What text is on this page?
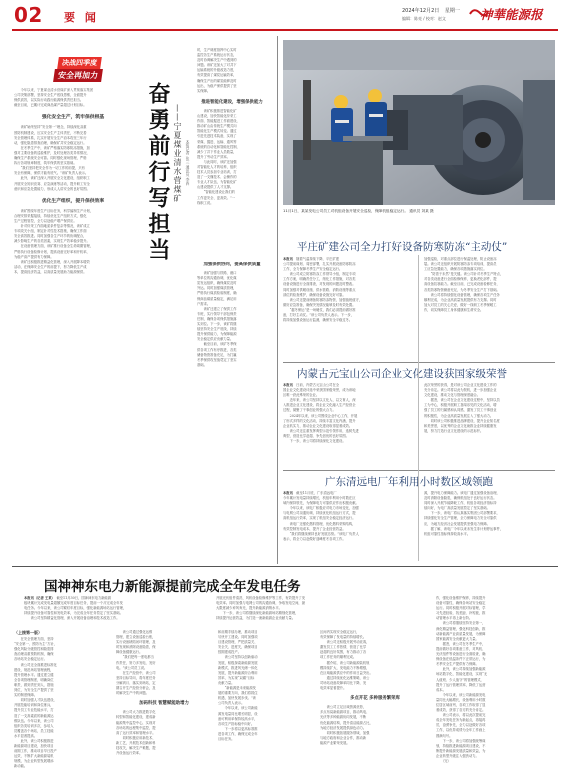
02 要 闻	2024年12月2日 星期一
编辑：陈亮 / 校对：赵文	神華能源报
决战四季度
安全再加力
　　今年以来，宁夏煤业清水营煤矿深入贯彻落实集团
公司决策部署，坚持安全生产底线思维，全面提升
保供质效，以实际行动践行能源保供责任担当。
截至目前，已累计完成商品煤产量超过计划目标。
强化安全生产，筑牢保供根基
　　该矿始终坚持“安全第一”理念，持续深化双重
预防机制建设，压实安全生产主体责任，不断完善
安全管理体系，扎实开展安全生产治本攻坚三年行
动，强化隐患排查治理，确保矿井安全稳定运行。
　　在冬季生产中，该矿严格落实防寒防冻措施，加
强对主要设备的巡检维护，及时处理各类异常情况，
确保生产系统安全可靠。同时强化现场管理，严格
执行各项规章制度，筑牢保供的坚实基础。
　　“我们坚持把安全作为一切工作的前提，只有
安全有保障，保供才能有底气。”该矿负责人表示。
　　此外，该矿还深入开展安全文化建设，组织职工
开展安全知识竞赛、应急演练等活动，提升职工安全
意识和应急处置能力，形成人人讲安全的良好氛围。
优化生产组织，提升保供效率
　　该矿围绕年度生产目标任务，科学编制生产计划，
合理安排采掘接续，持续优化生产组织方式，强化
生产过程管控，全力以赴稳产增产保供应。
　　针对综采工作面地质条件复杂等情况，该矿成立
专项攻关小组，制定针对性技术措施，确保工作面
安全高效推进。同时加强各生产环节的协调配合，
减少影响生产的各类因素，实现生产效率稳步提升。
　　在设备管理方面，该矿推行设备全生命周期管理，
严格执行设备检修计划，提高设备完好率和开机率，
为稳产高产提供有力保障。
　　该矿还积极推进精益化管理，深入开展降本增效
活动，在保障安全生产的前提下，努力降低生产成
本，提高经济效益，以高质量发展助力能源保供。
奋勇前行写担当 ——宁夏煤业清水营煤矿 本报记者 张三 通讯员 李四
时，生产调度指挥中心实时
监控各生产系统运行状态，
及时协调解决生产中遇到的
问题。该矿还加大了对井下
运输系统的升级改造力度，
有效提高了煤炭运输效率，
确保生产出的煤炭能够及时
运出，为稳产保供提供了坚
实保障。
推进智能化建设，增强保供能力
　　该矿积极推进智能化矿
山建设，加快智能化综采工
作面、智能掘进工作面建设，
推动矿山由传统生产模式向
智能化生产模式转变。通过
引进先进技术装备，实现了
采煤、掘进、运输、通风等
系统的自动化和智能化控制，
减少了井下作业人员数量，
提升了劳动生产效率。
　　与此同时，该矿还加强
对智能化人才的培养，组织
技术人员参加专业培训，打
造了一支懂技术、会操作的
专业人才队伍，为智能化矿
山建设提供了人才支撑。
　　“智能化建设让我们的
工作更安全、更高效。”一
线职工说。
加强保供协同，提高保供质量
　　该矿加强与铁路、港口
等单位的沟通协调，优化煤
炭发运组织，确保煤炭及时
外运。同时加强煤质管理，
严格执行煤质检验制度，确
保商品煤质量稳定，满足用
户需求。
　　该矿还建立了保供工作
专班，实行领导干部包保责
任制，确保各项保供措施落
实到位。下一步，该矿将继
续坚持安全生产底线，持续
提升保供能力，为保障能源
安全稳定供应贡献力量。
　　截至目前，该矿冬季保
供各项工作有序推进，各类
储备物资准备充足，为打赢
冬季保供攻坚战奠定了坚实
基础。
11月1日，某某发电公司员工对机组设备开展安全巡检，保障机组稳定运行。 通讯员 刘某 摄
平庄矿建公司全力打好设备防寒防冻“主动仗”
本报讯　随着气温持续下降，平庄矿建
公司提前谋划、周密部署，扎实开展设备防寒防冻
工作，全力保障冬季生产安全稳定运行。
　　该公司成立防寒防冻工作领导小组，制定专项
工作方案，明确责任分工，细化工作措施，对各类
设备设施进行全面排查，对发现的问题及时整改。
同时加强对供暖设施、供水管路、消防设施等重点
部位的检查维护，确保设备设施完好可靠。
　　该公司还提前储备防寒防冻物资，加强值班值守，
做好应急准备，确保突发情况能够及时有效处置。
　　“越冬保运”是一场硬仗，我们必须提前做好准
备，打好主动仗。”该公司负责人表示。下一步，
将持续加强设备运行监测，确保安全平稳过冬。
加强巡检，对重点部位进行保温处理，防止设备冻
裂。该公司还组织开展防寒防冻专项培训，提高员
工应急处置能力，确保各项措施落实到位。
　　“防患于未然”是关键。该公司针对冬季生产特点，
对各类设备进行全面检修保养，更换老化部件，提
高设备抗寒能力。截至目前，已完成设备检修任务，
各类防寒物资储备充足，为冬季安全生产打下基础。
　　该公司将持续强化设备管理，确保各项生产任务
顺利完成，为企业高质量发展提供有力支撑。同时
加大对员工的关心关爱，做好一线职工冬季保暖工
作，切实保障员工身体健康和生命安全。
内蒙古元宝山公司企业文化建设获国家级荣誉
本报讯　日前，内蒙古元宝山公司在全
国企业文化建设评选中荣获国家级荣誉，成为该地
区唯一获此殊荣的企业。
　　近年来，该公司坚持以文化人、以文育人，深
入推进企业文化建设，将企业文化融入生产经营全
过程，凝聚了干事创业的强大合力。
　　2024年以来，该公司围绕企业中心工作，开展
了形式多样的文化活动，持续丰富文化内涵，提升
企业软实力，推动企业文化建设取得显著成效。
　　该公司还注重发挥典型示范引领作用，选树先进
典型，营造比学赶超、争先创优的良好氛围。
　　下一步，该公司将持续深化文化建设。
此次荣誉的获得，是对该公司企业文化建设工作的
充分肯定。该公司将以此为契机，进一步加强企业
文化建设，推动文化与管理深度融合。
　　据悉，该公司在企业文化建设过程中，坚持以员
工为中心，积极开展职工喜闻乐见的文化活动，增
强了员工的归属感和认同感，激发了员工干事创业
的积极性，为企业高质量发展注入了强大动力。
　　同时该公司积极推进品牌建设，提升企业知名度
和美誉度，以优秀的企业文化助推企业持续健康发
展，努力打造行业文化建设的示范标杆。
广东清远电厂年利用小时数区域领跑
本报讯　截至11月底，广东清远电厂
今年累计发电量持续增长，机组年利用小时数在区
域内保持领先，为保障电力可靠供应作出积极贡献。
　　今年以来，该电厂积极应对电力市场变化，加强
与电网公司沟通协调，持续优化机组运行方式，提
高机组运行效率，实现了机组安全稳定经济运行。
　　该电厂还强化燃料管理，优化燃料采购结构，
有效控制发电成本，提升了企业经营效益。
　　“我们将继续保持良好发展态势。”该电厂负责人
表示，将全力以赴做好迎峰度冬各项工作。
源，提升电力保障能力。该电厂通过加强设备治理，
及时消除设备隐患，确保机组处于良好运行状态。
同时深入开展节能降耗工作，机组各项经济指标持
续向好，为电厂高质量发展奠定了坚实基础。
　　下一步，该电厂将认真落实集团公司部署要求，
持续强化安全生产管理，全力保障电力安全可靠供
应，为地方经济社会发展提供坚强电力保障。
　　据了解，该电厂今年以来未发生非计划停运事件，
机组可靠性指标保持较高水平。
国神神东电力新能源提前完成全年发电任务
本报讯（记者 王某）　截至11月30日，国神神东电力新能源
板块累计完成发电量超额完成年度目标任务，提前一个月完成全年发
电任务。今年以来，该公司紧盯年度目标，强化新能源场站运行管理，
持续提升设备可靠性和发电效率，为完成全年任务奠定了坚实基础。
　　该公司坚持精益化管理，深入开展设备治理和技术改造工作。
开展光伏组件清洗、风机设备检修维护等工作，有效提升了发
电效率。同时加强与电网公司的沟通协调，争取发电空间，最
大限度减少弃风弃光，提升新能源消纳水平。
　　下一步，该公司将继续深化新能源场站精细化管理，
持续提升运营效益，为打造一流新能源企业贡献力量。
（上接第一版）
　　在安全管理方面，坚持
“安全第一、预防为主”方针，
强化风险分级管控和隐患排
查治理双重预防机制，确保
各场站安全稳定运行。
　　该公司还全面推进标准化
建设，规范场站管理流程，
提升管理水平。通过建立健
全各项管理制度，明确岗位
职责，做到责任到人、措施
到位，为安全生产提供了坚
实的制度保障。
　　同时加强人才队伍建设，
开展技能培训和岗位练兵，
提升员工专业技能水平，打
造了一支高素质的新能源运
维队伍。今年以来，该公司
组织各类培训多次，参培人
员覆盖各个场站，员工技能
水平显著提高。
　　此外，该公司积极推进
新能源项目建设，加快项目
前期工作，推动项目早日投产
达效，不断扩大新能源装机
规模，为企业转型发展增添
新动能。
　　该公司通过强化运维
管理，建立设备巡检台账，
实行设备缺陷闭环管理，及
时发现和消除设备隐患，保
障设备健康运行。
　　“我们把每一度电都当
作责任，努力多发电、发好
电。”该公司员工说。
　　在生产经营中，该公司
坚持目标导向，将年度任务
分解到月、落实到场站，定
期召开生产经营分析会，及
时解决生产中的问题。
加码科技 智慧赋能助增力
　　该公司大力推进数字化
转型和智能化建设，建成新
能源集中监控中心，实现对
各场站的远程集中监控，提
高了运行效率和管理水平。
　　同时积极应用新技术、
新工艺，开展技术创新和科
技攻关，解决生产难题，提
升设备运行效率。
和前期手续办理，推动项目
尽快开工建设。同时加强项
目建设管理，严把质量关、
安全关、进度关，确保项目
按期建成投产。
　　该公司坚持以创新驱动
发展，积极探索新能源发展
新模式，推进风光储一体化
发展，提升新能源综合利用
效率，为实现“双碳”目标
贡献力量。
　　“新能源是未来能源发
展的重要方向，我们将抓住
机遇，加快发展步伐。”该
公司负责人表示。
　　今年以来，该公司新能
源发电量同比增长明显，设
备可利用率保持较高水平，
各项生产指标稳中向好。
　　下一步将以更高标准推
进各项工作，确保完成全年
目标任务。
区间内实现安全稳定运行，
有效保障了发电量的持续增长。
　　该公司还积极开展劳动竞赛，
激发员工工作热情，营造了比学
赶超的良好氛围，有力推动了各
项工作任务的顺利完成。
　　据介绍，该公司新能源装机规
模持续扩大，发电能力不断增强，
在区域能源供应中的作用日益突出。
　　通过持续优化运维策略，该公
司场站设备故障率同比下降，发
电效率显著提升。
多点开花 多种服务繁荣库
　　该公司立足区域资源优势，
多点布局新能源项目，推动风电、
光伏等多种能源协同发展，不断
优化能源结构，提升清洁能源占比，
为地方经济发展提供绿色动力。
　　同时积极拓展服务领域，加强
与地方政府和企业合作，推动新
能源产业繁荣发展。
作，强化设备维护保养，持续提升
设备可靠性，确保各场站安全稳定
运行。同时积极开展对标管理，学
习先进经验，找差距、补短板，推
动管理水平再上新台阶。
　　该公司将继续坚持安全第一，
深化精益管理，强化科技创新，推
动新能源产业高质量发展，为保障
国家能源安全贡献更大力量。
　　据悉，该公司在冬季生产中，
提前做好各项准备工作，对风机、
光伏组件等设备进行全面检查，确
保设备在低温条件下正常运行，为
冬季安全生产提供有力保障。
　　此外，该公司持续加强新能源
场站数字化、智能化建设，实现“无
人值班、少人值守”的管理模式，
提升了运行管理效率，降低了运营
成本。
　　今年以来，该公司新能源发电
量同比大幅增长，设备利用小时数
位居区域前列，各项工作取得了显
著成效，获得了各方的充分肯定。
　　该公司表示，将以此次提前完
成全年发电任务为新起点，再接再
厉，奋勇争先，全力以赴做好各项
工作，以优异成绩为全年工作画上
圆满句号。
　　下一步，该公司将加强统筹谋
划，持续推进新能源项目建设，不
断提升新能源发展质量和效益，为
企业转型升级注入强劲动力。
　　（完）
